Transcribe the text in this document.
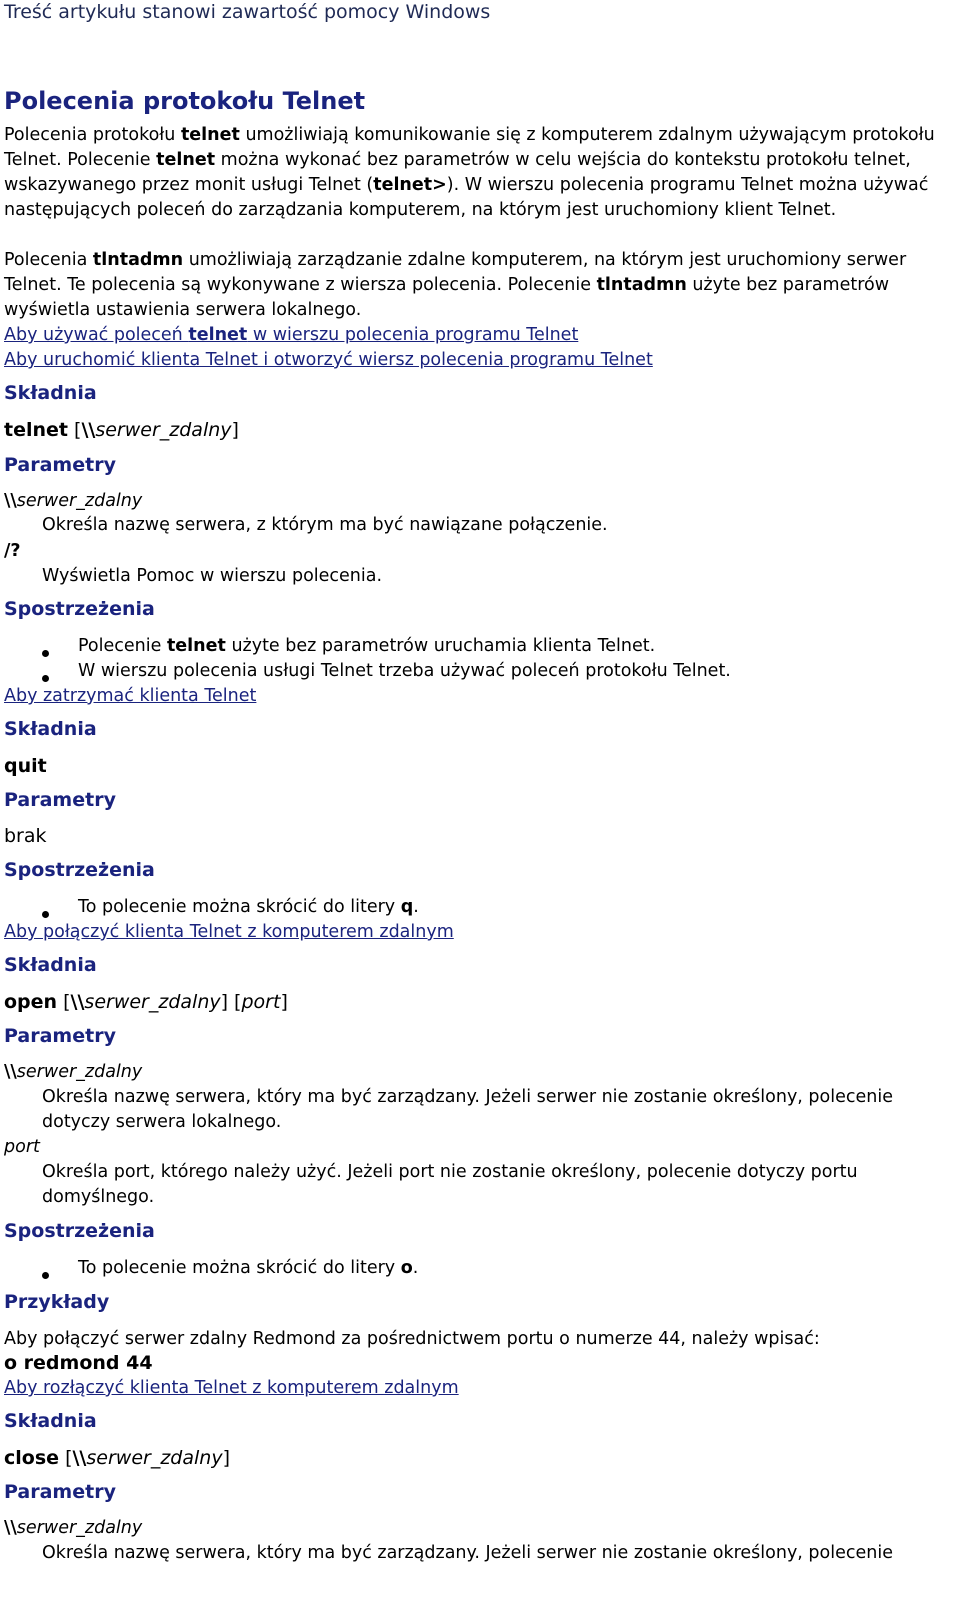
Treść artykułu stanowi zawartość pomocy Windows
Polecenia protokołu Telnet
Polecenia protokołu telnet umożliwiają komunikowanie się z komputerem zdalnym używającym protokołu Telnet. Polecenie telnet można wykonać bez parametrów w celu wejścia do kontekstu protokołu telnet, wskazywanego przez monit usługi Telnet (telnet>). W wierszu polecenia programu Telnet można używać następujących poleceń do zarządzania komputerem, na którym jest uruchomiony klient Telnet.
Polecenia tlntadmn umożliwiają zarządzanie zdalne komputerem, na którym jest uruchomiony serwer Telnet. Te polecenia są wykonywane z wiersza polecenia. Polecenie tlntadmn użyte bez parametrów wyświetla ustawienia serwera lokalnego.
Aby używać poleceń telnet w wierszu polecenia programu Telnet
Aby uruchomić klienta Telnet i otworzyć wiersz polecenia programu Telnet
Składnia
telnet [\\serwer_zdalny]
Parametry
\\serwer_zdalny
Określa nazwę serwera, z którym ma być nawiązane połączenie.
/?
Wyświetla Pomoc w wierszu polecenia.
Spostrzeżenia
Polecenie telnet użyte bez parametrów uruchamia klienta Telnet.
W wierszu polecenia usługi Telnet trzeba używać poleceń protokołu Telnet.
Aby zatrzymać klienta Telnet
Składnia
quit
Parametry
brak
Spostrzeżenia
To polecenie można skrócić do litery q.
Aby połączyć klienta Telnet z komputerem zdalnym
Składnia
open [\\serwer_zdalny] [port]
Parametry
\\serwer_zdalny
Określa nazwę serwera, który ma być zarządzany. Jeżeli serwer nie zostanie określony, polecenie dotyczy serwera lokalnego.
port
Określa port, którego należy użyć. Jeżeli port nie zostanie określony, polecenie dotyczy portu domyślnego.
Spostrzeżenia
To polecenie można skrócić do litery o.
Przykłady
Aby połączyć serwer zdalny Redmond za pośrednictwem portu o numerze 44, należy wpisać:
o redmond 44
Aby rozłączyć klienta Telnet z komputerem zdalnym
Składnia
close [\\serwer_zdalny]
Parametry
\\serwer_zdalny
Określa nazwę serwera, który ma być zarządzany. Jeżeli serwer nie zostanie określony, polecenie
